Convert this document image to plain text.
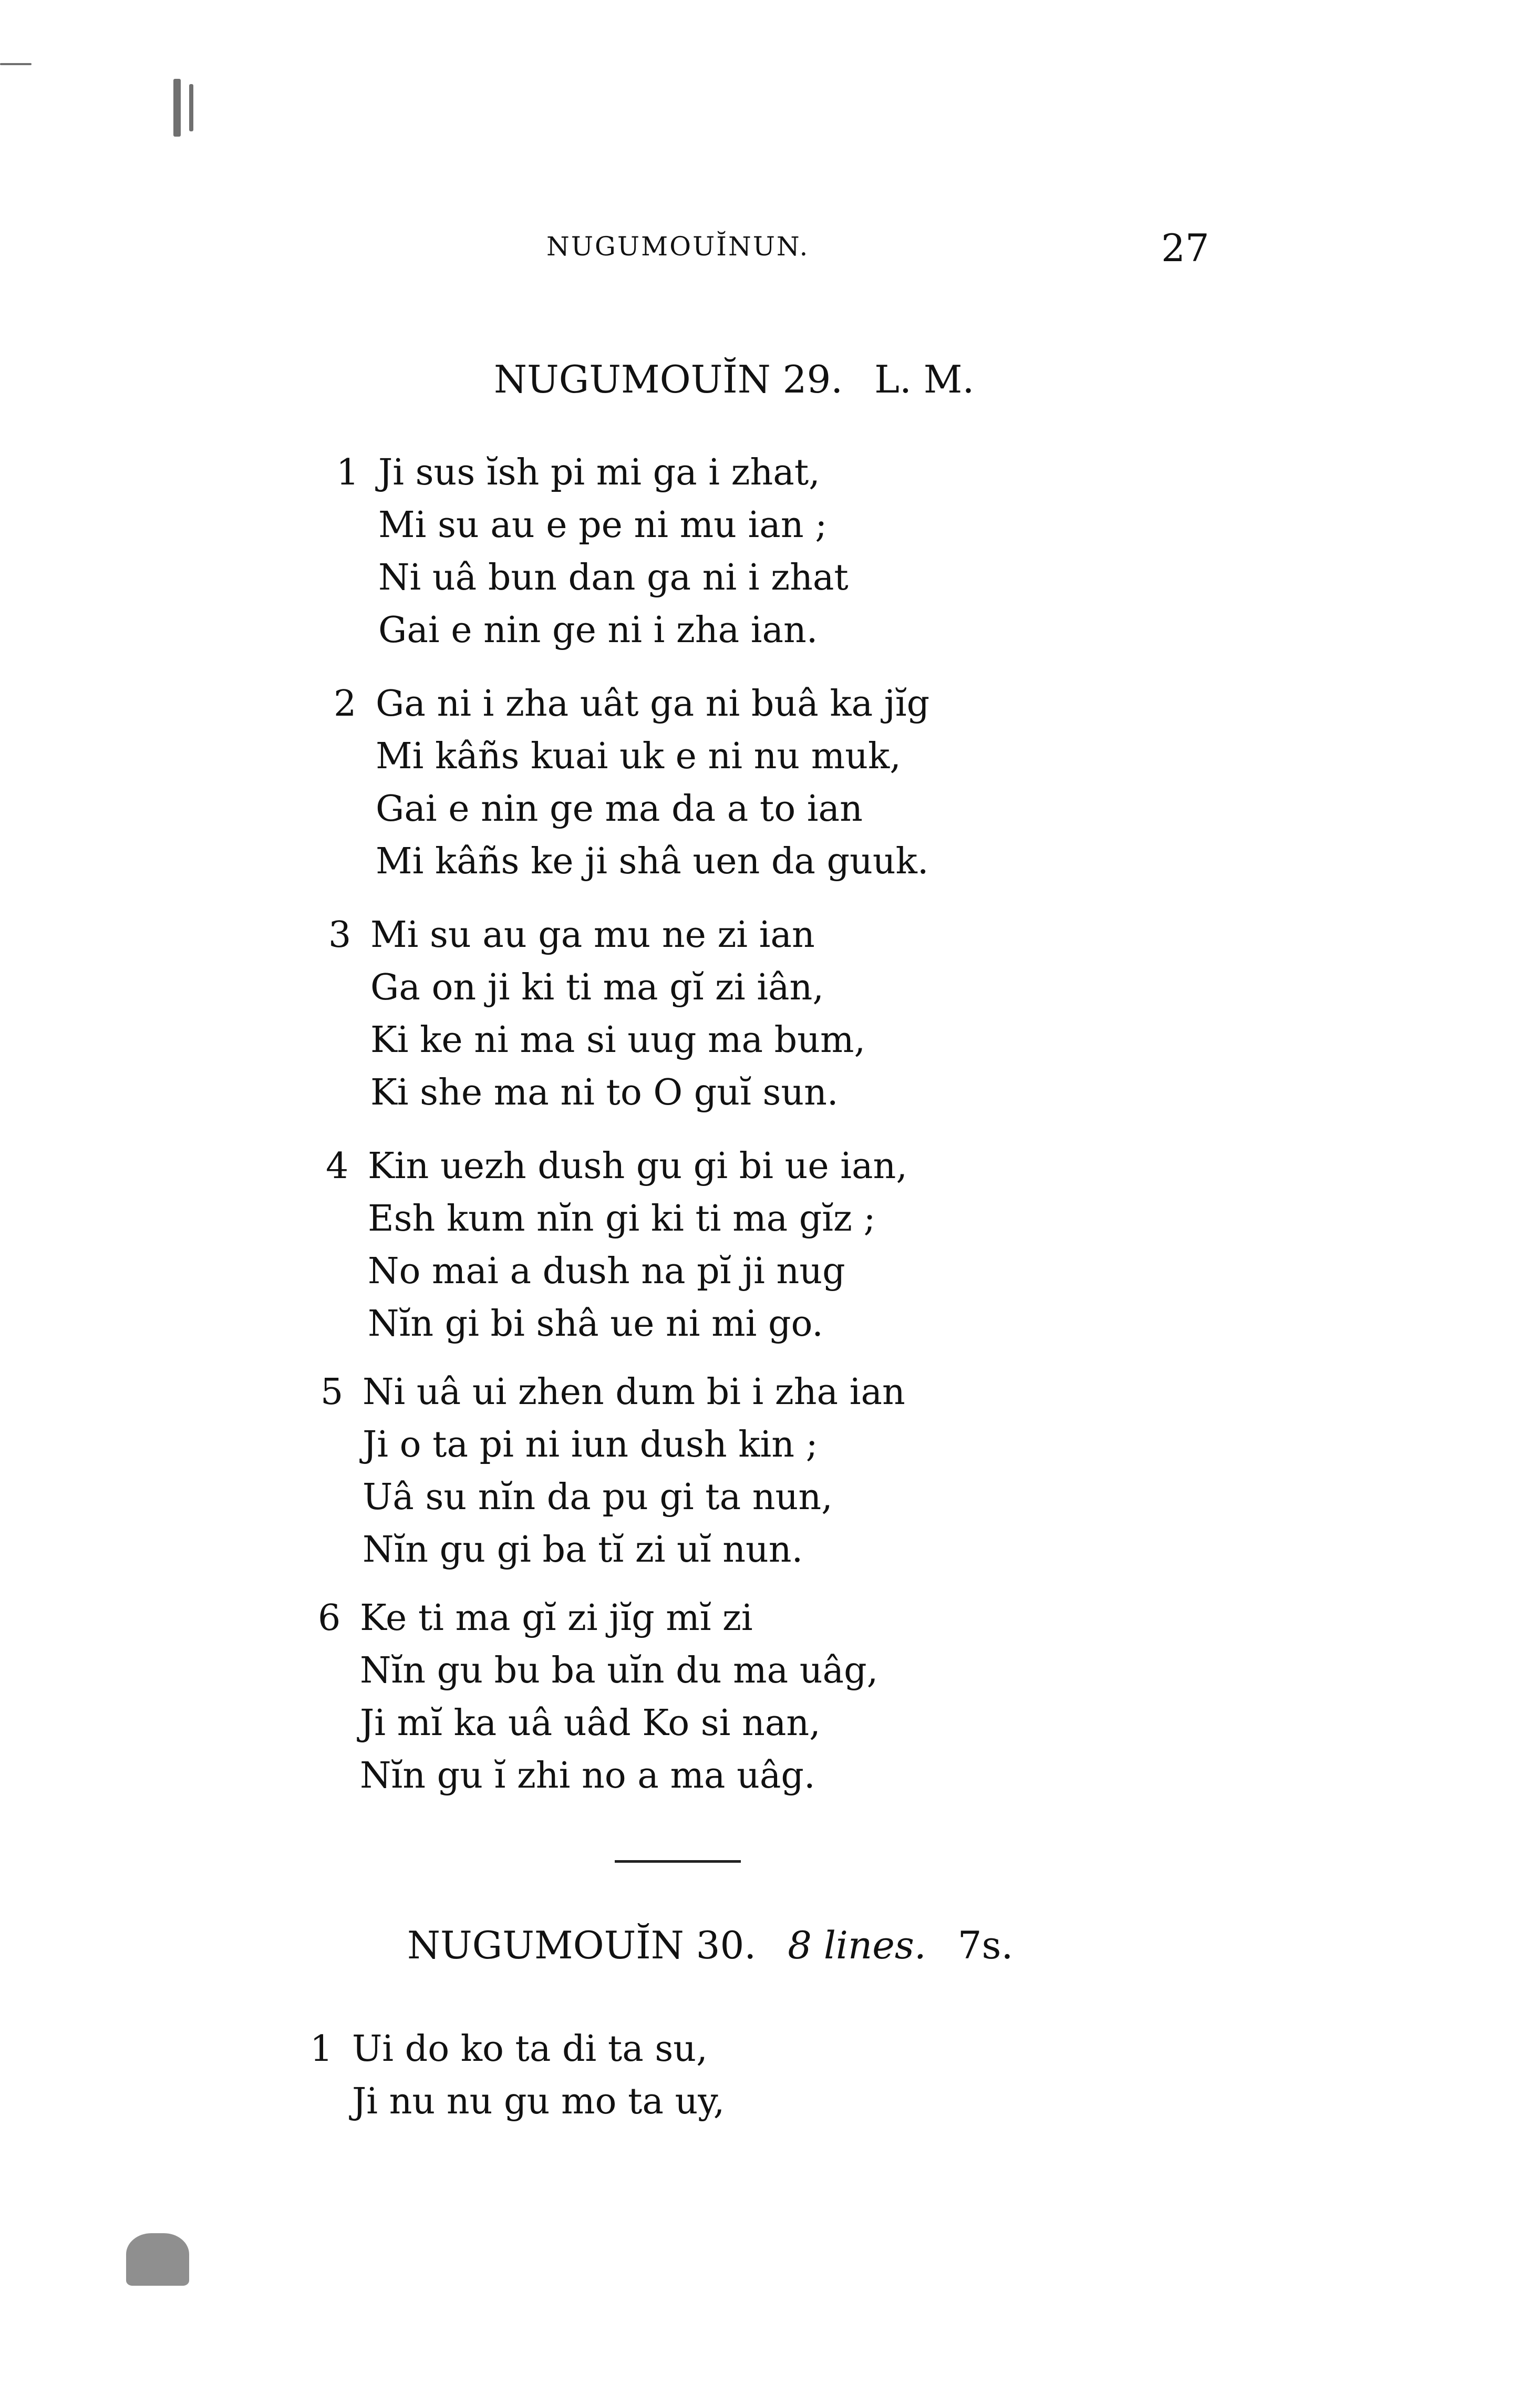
NUGUMOUĬNUN.	27
NUGUMOUĬN 29. L. M.
1 Ji sus ĭsh pi mi ga i zhat,
Mi su au e pe ni mu ian ;
Ni uâ bun dan ga ni i zhat
Gai e nin ge ni i zha ian.
2 Ga ni i zha uât ga ni buâ ka jĭg
Mi kâñs kuai uk e ni nu muk,
Gai e nin ge ma da a to ian
Mi kâñs ke ji shâ uen da guuk.
3 Mi su au ga mu ne zi ian
Ga on ji ki ti ma gĭ zi iân,
Ki ke ni ma si uug ma bum,
Ki she ma ni to O guĭ sun.
4 Kin uezh dush gu gi bi ue ian,
Esh kum nĭn gi ki ti ma gĭz ;
No mai a dush na pĭ ji nug
Nĭn gi bi shâ ue ni mi go.
5 Ni uâ ui zhen dum bi i zha ian
Ji o ta pi ni iun dush kin ;
Uâ su nĭn da pu gi ta nun,
Nĭn gu gi ba tĭ zi uĭ nun.
6 Ke ti ma gĭ zi jĭg mĭ zi
Nĭn gu bu ba uĭn du ma uâg,
Ji mĭ ka uâ uâd Ko si nan,
Nĭn gu ĭ zhi no a ma uâg.
NUGUMOUĬN 30. 8 lines. 7s.
1 Ui do ko ta di ta su,
Ji nu nu gu mo ta uy,
